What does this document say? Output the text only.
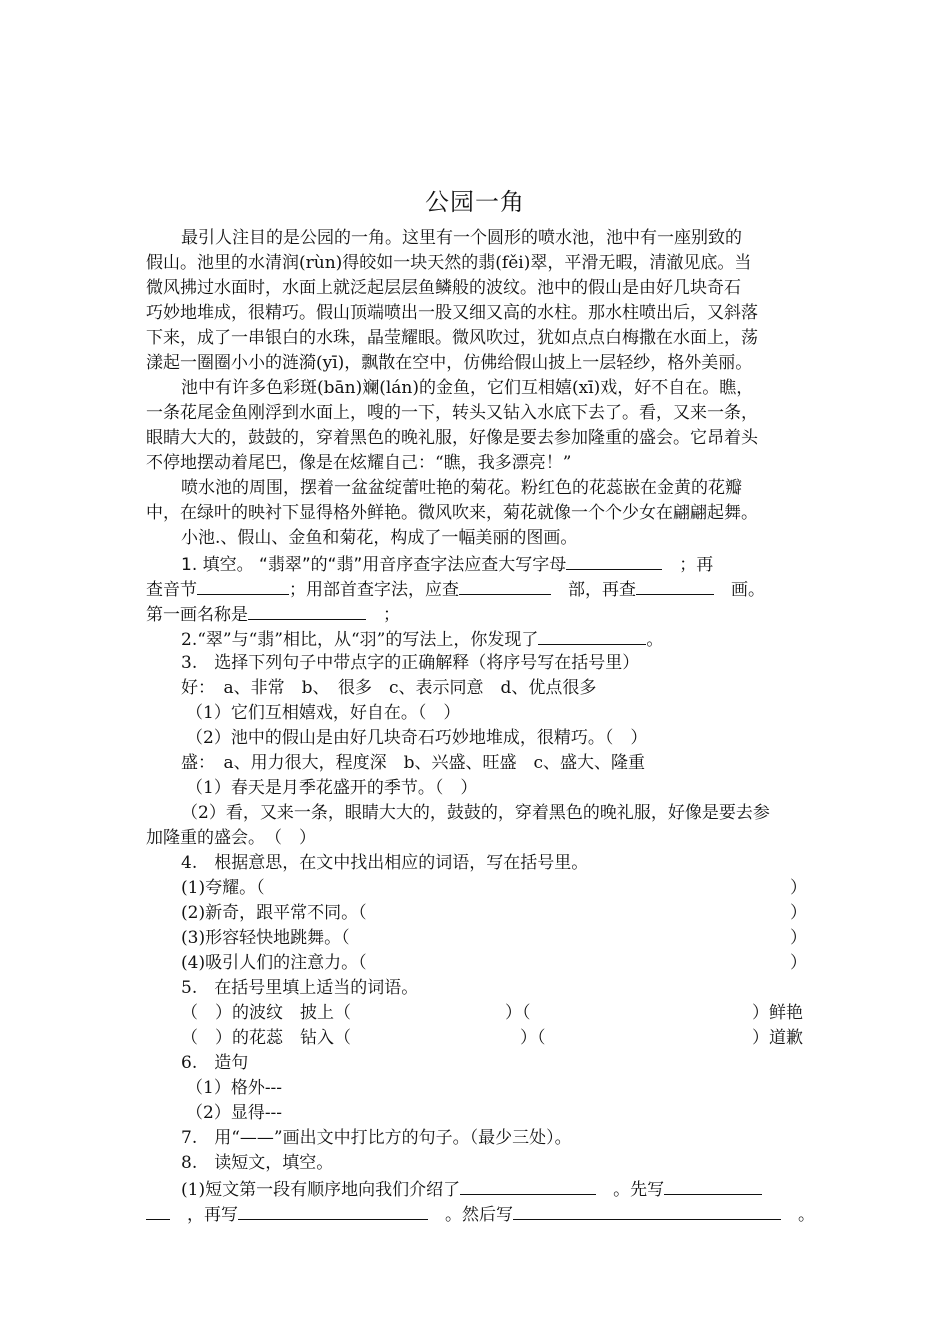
公园一角
最引人注目的是公园的一角。这里有一个圆形的喷水池，池中有一座别致的
假山。池里的水清润(rùn)得皎如一块天然的翡(fěi)翠，平滑无暇，清澈见底。当
微风拂过水面时，水面上就泛起层层鱼鳞般的波纹。池中的假山是由好几块奇石
巧妙地堆成，很精巧。假山顶端喷出一股又细又高的水柱。那水柱喷出后，又斜落
下来，成了一串银白的水珠，晶莹耀眼。微风吹过，犹如点点白梅撒在水面上，荡
漾起一圈圈小小的涟漪(yī)，飘散在空中，仿佛给假山披上一层轻纱，格外美丽。
池中有许多色彩斑(bān)斓(lán)的金鱼，它们互相嬉(xī)戏，好不自在。瞧，
一条花尾金鱼刚浮到水面上，嗖的一下，转头又钻入水底下去了。看，又来一条，
眼睛大大的，鼓鼓的，穿着黑色的晚礼服，好像是要去参加隆重的盛会。它昂着头
不停地摆动着尾巴，像是在炫耀自己：“瞧，我多漂亮！”
喷水池的周围，摆着一盆盆绽蕾吐艳的菊花。粉红色的花蕊嵌在金黄的花瓣
中，在绿叶的映衬下显得格外鲜艳。微风吹来，菊花就像一个个少女在翩翩起舞。
小池.、假山、金鱼和菊花，构成了一幅美丽的图画。
1. 填空。 “翡翠”的“翡”用音序查字法应查大写字母　	；再
查音节	；用部首查字法，应查　	部，再查　	画。
第一画名称是　	；
2.“翠”与“翡”相比，从“羽”的写法上，你发现了	。
3.　选择下列句子中带点字的正确解释（将序号写在括号里）
好：　a、非常　b、　很多　c、表示同意　d、优点很多
（1）它们互相嬉戏，好自在。（　）
（2）池中的假山是由好几块奇石巧妙地堆成，很精巧。（　）
盛：　a、用力很大，程度深　b、兴盛、旺盛　c、盛大、隆重
（1）春天是月季花盛开的季节。（　）
（2）看，又来一条，眼睛大大的，鼓鼓的，穿着黑色的晚礼服，好像是要去参
加隆重的盛会。　（　）
4.　根据意思，在文中找出相应的词语，写在括号里。
(1)夸耀。（	）
(2)新奇，跟平常不同。（	）
(3)形容轻快地跳舞。（	）
(4)吸引人们的注意力。（	）
5.　在括号里填上适当的词语。
（　）的波纹　披上（	）（	）鲜艳
（　）的花蕊　钻入（	）（	）道歉
6.　造句
（1）格外---
（2）显得---
7.　用“——”画出文中打比方的句子。（最少三处）。
8.　读短文，填空。
(1)短文第一段有顺序地向我们介绍了　	。先写
　，再写　	。然后写　	。
